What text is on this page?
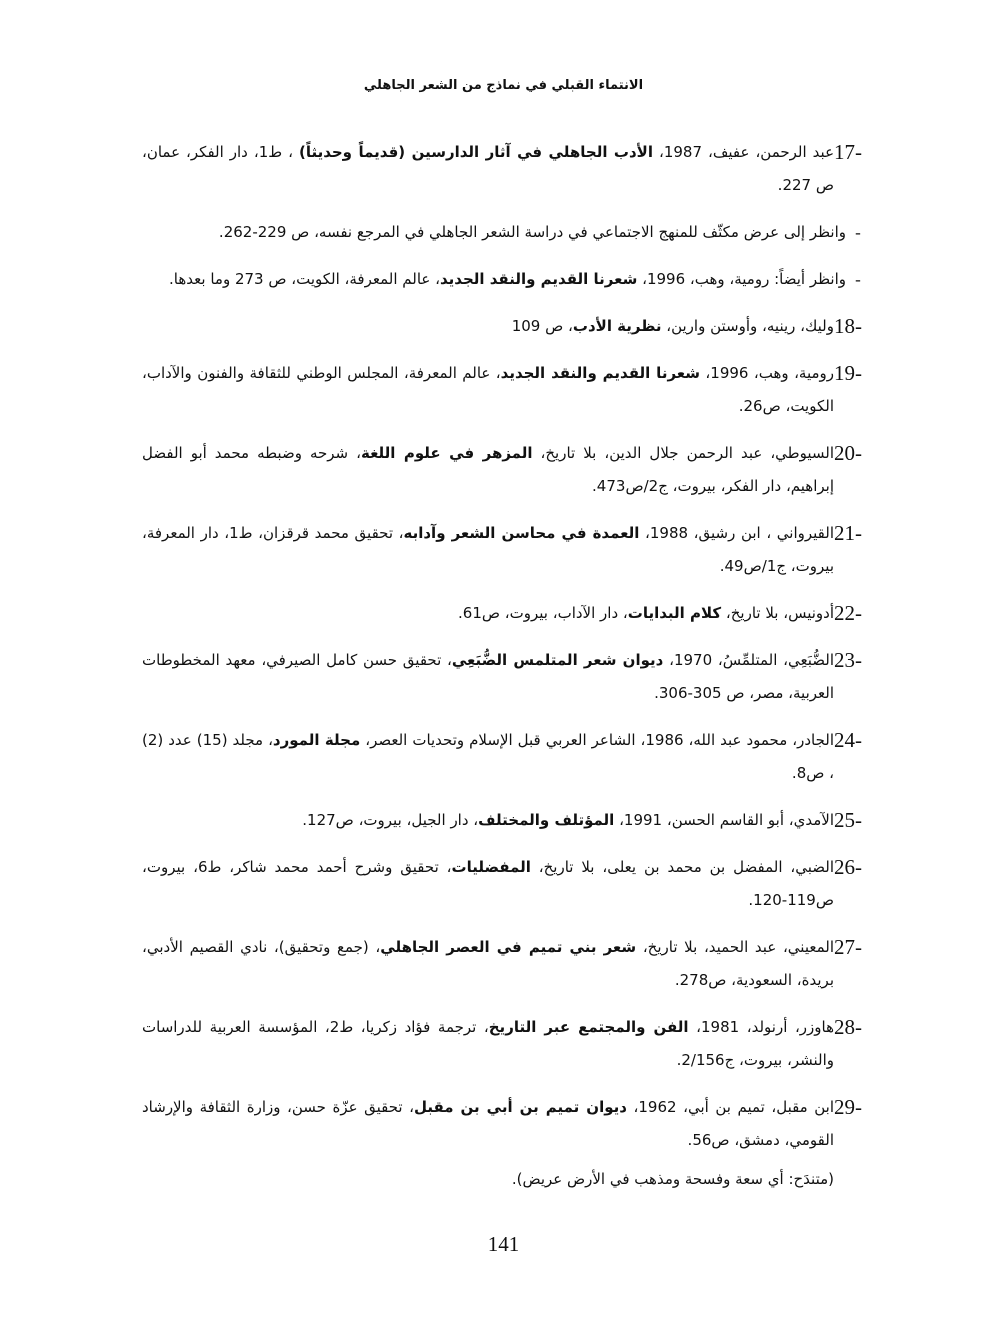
الانتماء القبلي في نماذج من الشعر الجاهلي
17-
عبد الرحمن، عفيف، 1987، الأدب الجاهلي في آثار الدارسين (قديماً وحديثاً) ، ط1، دار الفكر، عمان، ص 227.
-
وانظر إلى عرض مكثّف للمنهج الاجتماعي في دراسة الشعر الجاهلي في المرجع نفسه، ص 229-262.
-
وانظر أيضاً: رومية، وهب، 1996، شعرنا القديم والنقد الجديد، عالم المعرفة، الكويت، ص 273 وما بعدها.
18-
وليك، رينيه، وأوستن وارين، نظرية الأدب، ص 109
19-
رومية، وهب، 1996، شعرنا القديم والنقد الجديد، عالم المعرفة، المجلس الوطني للثقافة والفنون والآداب، الكويت، ص26.
20-
السيوطي، عبد الرحمن جلال الدين، بلا تاريخ، المزهر في علوم اللغة، شرحه وضبطه محمد أبو الفضل إبراهيم، دار الفكر، بيروت، ج2/ص473.
21-
القيرواني ، ابن رشيق، 1988، العمدة في محاسن الشعر وآدابه، تحقيق محمد قرقزان، ط1، دار المعرفة، بيروت، ج1/ص49.
22-
أدونيس، بلا تاريخ، كلام البدايات، دار الآداب، بيروت، ص61.
23-
الضُّبَعِي، المتلمِّسُ، 1970، ديوان شعر المتلمس الضُّبَعِي، تحقيق حسن كامل الصيرفي، معهد المخطوطات العربية، مصر، ص 305-306.
24-
الجادر، محمود عبد الله، 1986، الشاعر العربي قبل الإسلام وتحديات العصر، مجلة المورد، مجلد (15) عدد (2) ، ص8.
25-
الآمدي، أبو القاسم الحسن، 1991، المؤتلف والمختلف، دار الجيل، بيروت، ص127.
26-
الضبي، المفضل بن محمد بن يعلى، بلا تاريخ، المفضليات، تحقيق وشرح أحمد محمد شاكر، ط6، بيروت، ص119-120.
27-
المعيني، عبد الحميد، بلا تاريخ، شعر بني تميم في العصر الجاهلي، (جمع وتحقيق)، نادي القصيم الأدبي، بريدة، السعودية، ص278.
28-
هاوزر، أرنولد، 1981، الفن والمجتمع عبر التاريخ، ترجمة فؤاد زكريا، ط2، المؤسسة العربية للدراسات والنشر، بيروت، ج2/156.
29-
ابن مقبل، تميم بن أبي، 1962، ديوان تميم بن أبي بن مقبل، تحقيق عزّة حسن، وزارة الثقافة والإرشاد القومي، دمشق، ص56.
(متندَح: أي سعة وفسحة ومذهب في الأرض عريض).
141
